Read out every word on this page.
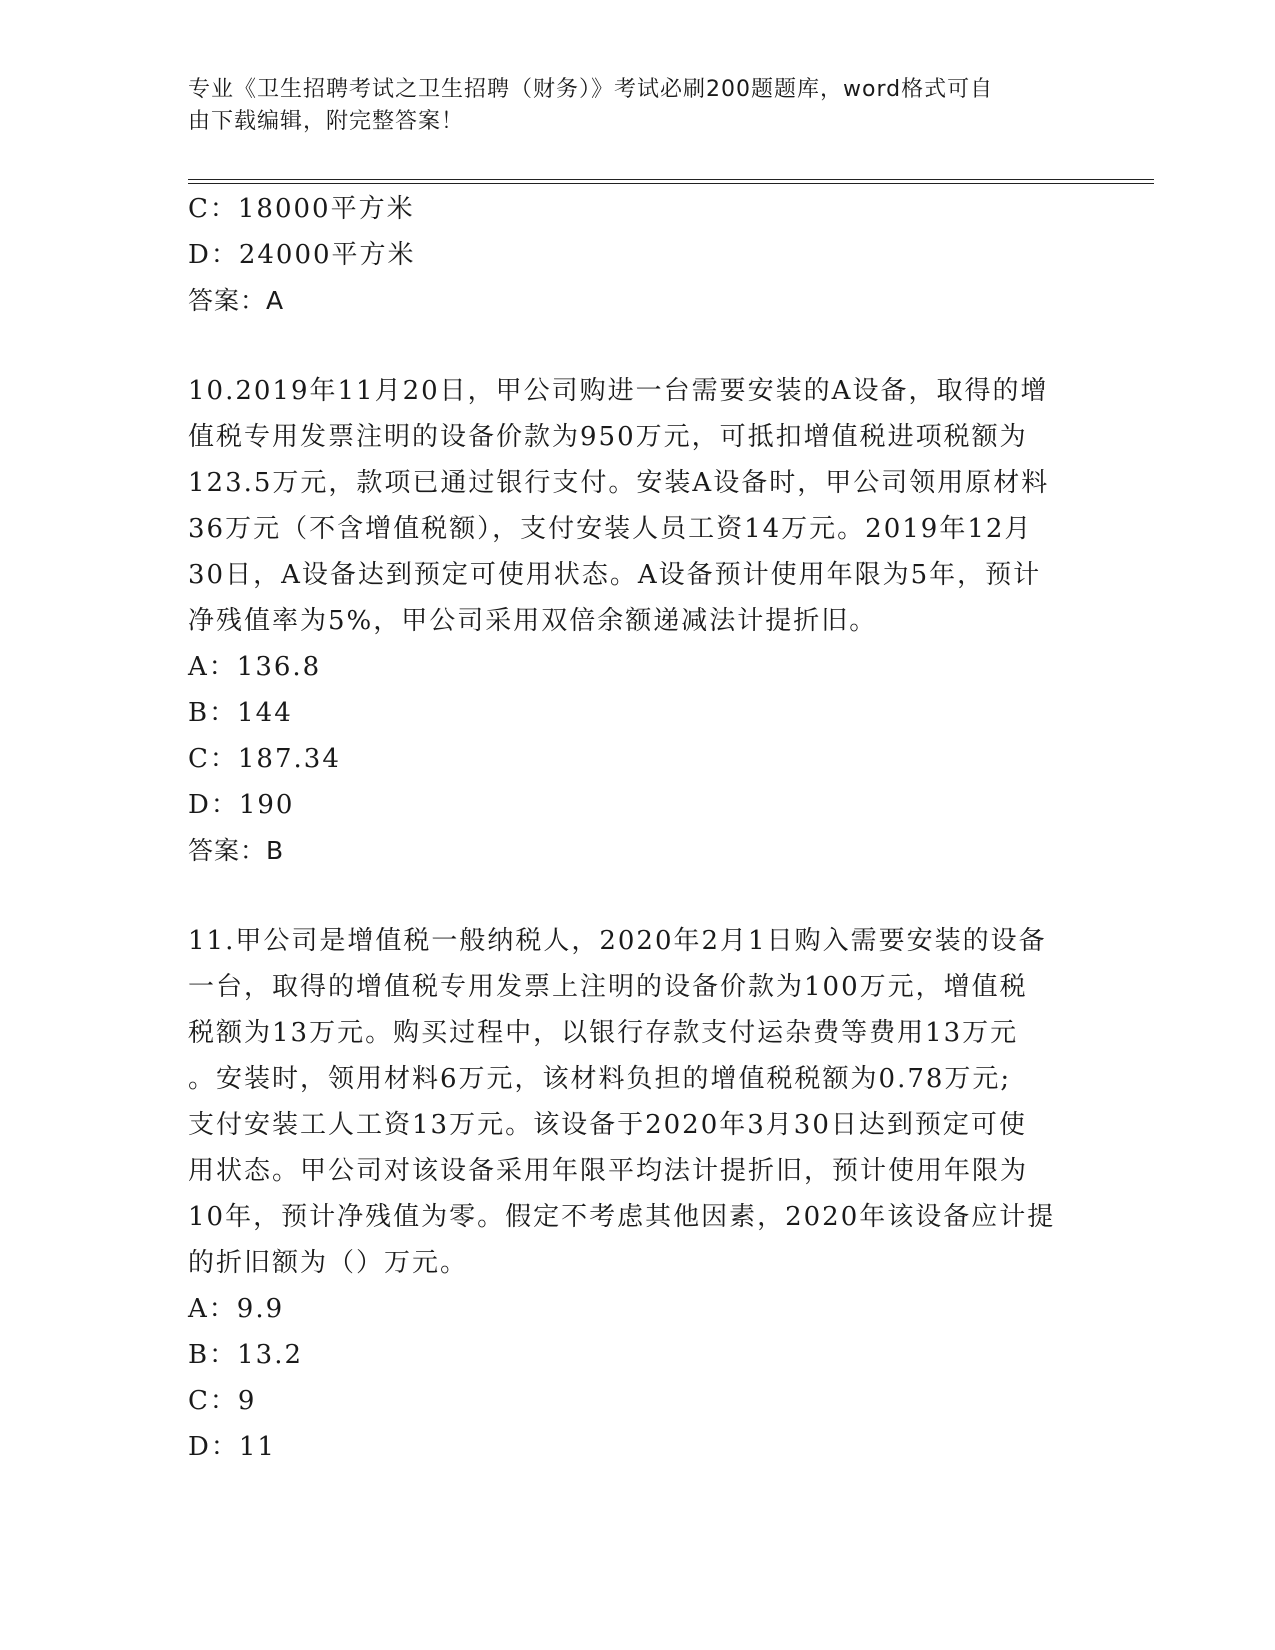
专业《卫生招聘考试之卫生招聘（财务）》考试必刷200题题库，word格式可自
由下载编辑，附完整答案！
C：18000平方米
D：24000平方米
答案：A
10.2019年11月20日，甲公司购进一台需要安装的A设备，取得的增
值税专用发票注明的设备价款为950万元，可抵扣增值税进项税额为
123.5万元，款项已通过银行支付。安装A设备时，甲公司领用原材料
36万元（不含增值税额），支付安装人员工资14万元。2019年12月
30日，A设备达到预定可使用状态。A设备预计使用年限为5年，预计
净残值率为5%，甲公司采用双倍余额递减法计提折旧。
A：136.8
B：144
C：187.34
D：190
答案：B
11.甲公司是增值税一般纳税人，2020年2月1日购入需要安装的设备
一台，取得的增值税专用发票上注明的设备价款为100万元，增值税
税额为13万元。购买过程中，以银行存款支付运杂费等费用13万元
。安装时，领用材料6万元，该材料负担的增值税税额为0.78万元;
支付安装工人工资13万元。该设备于2020年3月30日达到预定可使
用状态。甲公司对该设备采用年限平均法计提折旧，预计使用年限为
10年，预计净残值为零。假定不考虑其他因素，2020年该设备应计提
的折旧额为（）万元。
A：9.9
B：13.2
C：9
D：11
